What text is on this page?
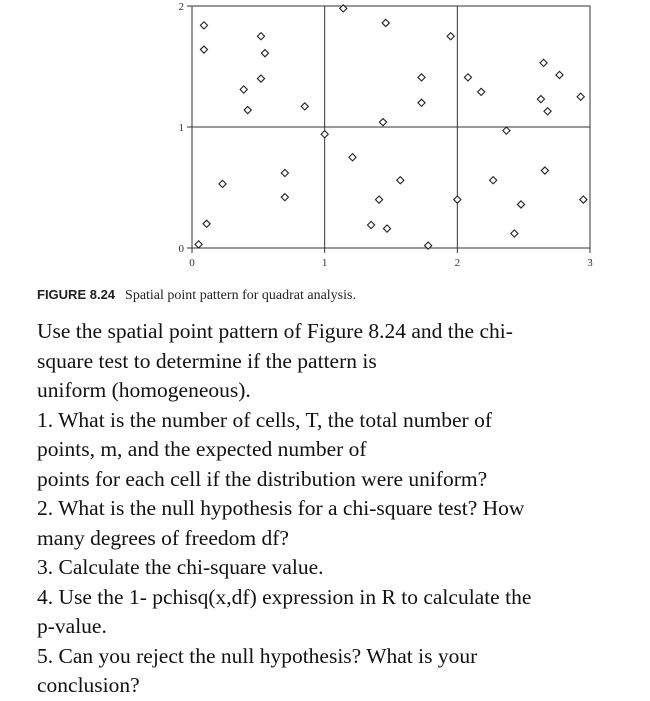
0	1	2	3
0
1
2
FIGURE 8.24 Spatial point pattern for quadrat analysis.
Use the spatial point pattern of Figure 8.24 and the chi-
square test to determine if the pattern is
uniform (homogeneous).
1. What is the number of cells, T, the total number of
points, m, and the expected number of
points for each cell if the distribution were uniform?
2. What is the null hypothesis for a chi-square test? How
many degrees of freedom df?
3. Calculate the chi-square value.
4. Use the 1- pchisq(x,df) expression in R to calculate the
p-value.
5. Can you reject the null hypothesis? What is your
conclusion?
